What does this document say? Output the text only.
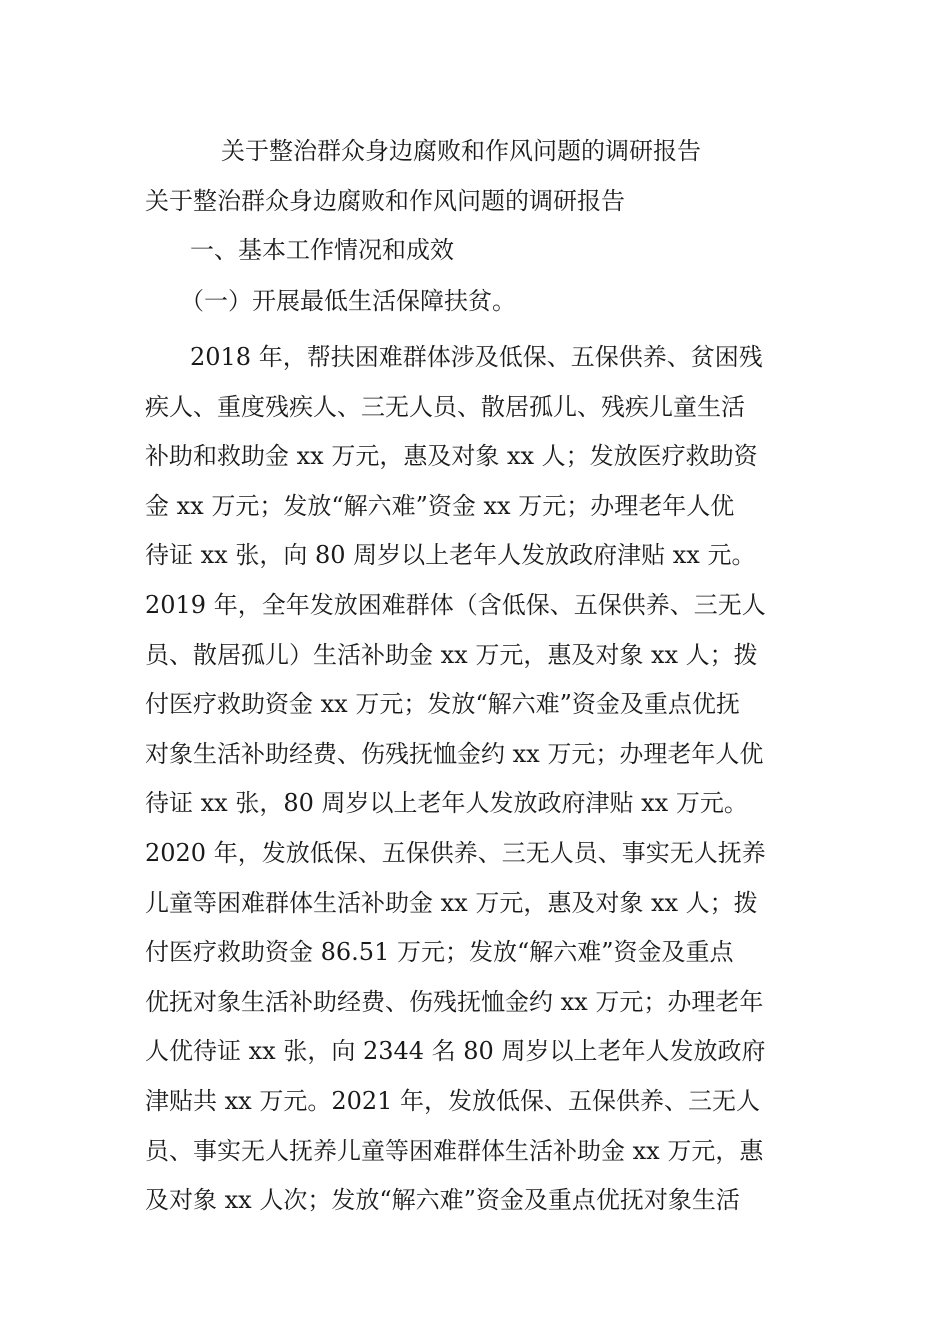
关于整治群众身边腐败和作风问题的调研报告
关于整治群众身边腐败和作风问题的调研报告
一、基本工作情况和成效
（一）开展最低生活保障扶贫。
2018 年，帮扶困难群体涉及低保、五保供养、贫困残
疾人、重度残疾人、三无人员、散居孤儿、残疾儿童生活
补助和救助金 xx 万元，惠及对象 xx 人；发放医疗救助资
金 xx 万元；发放“解六难”资金 xx 万元；办理老年人优
待证 xx 张，向 80 周岁以上老年人发放政府津贴 xx 元。
2019 年，全年发放困难群体（含低保、五保供养、三无人
员、散居孤儿）生活补助金 xx 万元，惠及对象 xx 人；拨
付医疗救助资金 xx 万元；发放“解六难”资金及重点优抚
对象生活补助经费、伤残抚恤金约 xx 万元；办理老年人优
待证 xx 张，80 周岁以上老年人发放政府津贴 xx 万元。
2020 年，发放低保、五保供养、三无人员、事实无人抚养
儿童等困难群体生活补助金 xx 万元，惠及对象 xx 人；拨
付医疗救助资金 86.51 万元；发放“解六难”资金及重点
优抚对象生活补助经费、伤残抚恤金约 xx 万元；办理老年
人优待证 xx 张，向 2344 名 80 周岁以上老年人发放政府
津贴共 xx 万元。2021 年，发放低保、五保供养、三无人
员、事实无人抚养儿童等困难群体生活补助金 xx 万元，惠
及对象 xx 人次；发放“解六难”资金及重点优抚对象生活
